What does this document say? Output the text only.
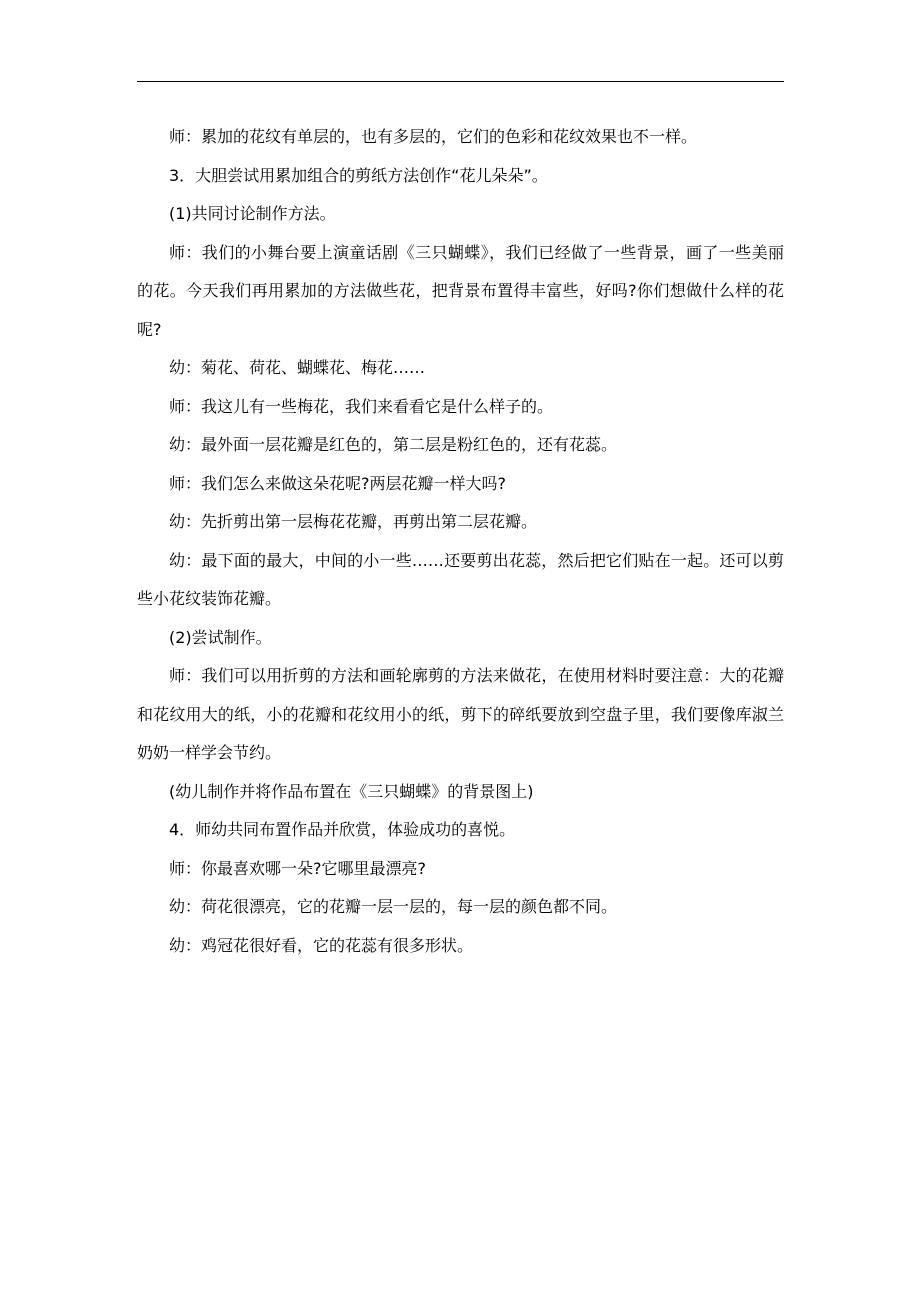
师：累加的花纹有单层的，也有多层的，它们的色彩和花纹效果也不一样。

3．大胆尝试用累加组合的剪纸方法创作“花儿朵朵”。

(1)共同讨论制作方法。

师：我们的小舞台要上演童话剧《三只蝴蝶》，我们已经做了一些背景，画了一些美丽的花。今天我们再用累加的方法做些花，把背景布置得丰富些，好吗?你们想做什么样的花呢?

幼：菊花、荷花、蝴蝶花、梅花……

师：我这儿有一些梅花，我们来看看它是什么样子的。

幼：最外面一层花瓣是红色的，第二层是粉红色的，还有花蕊。

师：我们怎么来做这朵花呢?两层花瓣一样大吗?

幼：先折剪出第一层梅花花瓣，再剪出第二层花瓣。

幼：最下面的最大，中间的小一些……还要剪出花蕊，然后把它们贴在一起。还可以剪些小花纹装饰花瓣。

(2)尝试制作。

师：我们可以用折剪的方法和画轮廓剪的方法来做花，在使用材料时要注意：大的花瓣和花纹用大的纸，小的花瓣和花纹用小的纸，剪下的碎纸要放到空盘子里，我们要像库淑兰奶奶一样学会节约。

(幼儿制作并将作品布置在《三只蝴蝶》的背景图上)

4．师幼共同布置作品并欣赏，体验成功的喜悦。

师：你最喜欢哪一朵?它哪里最漂亮?

幼：荷花很漂亮，它的花瓣一层一层的，每一层的颜色都不同。

幼：鸡冠花很好看，它的花蕊有很多形状。
